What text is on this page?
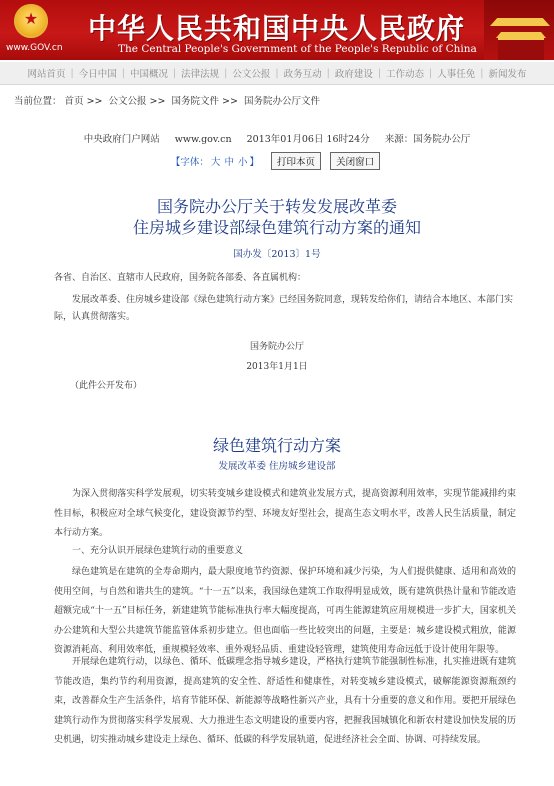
★
www.GOV.cn
中华人民共和国中央人民政府
The Central People's Government of the People's Republic of China
网站首页 | 今日中国 | 中国概况 | 法律法规 | 公文公报 | 政务互动 | 政府建设 | 工作动态 | 人事任免 | 新闻发布
当前位置： 首页 >> 公文公报 >> 国务院文件 >> 国务院办公厅文件
中央政府门户网站 www.gov.cn 2013年01月06日 16时24分 来源：国务院办公厅
【字体： 大 中 小 】 打印本页 关闭窗口
国务院办公厅关于转发发展改革委
住房城乡建设部绿色建筑行动方案的通知
国办发〔2013〕1号
各省、自治区、直辖市人民政府，国务院各部委、各直属机构：
发展改革委、住房城乡建设部《绿色建筑行动方案》已经国务院同意，现转发给你们，请结合本地区、本部门实际，认真贯彻落实。
国务院办公厅
2013年1月1日
（此件公开发布）
绿色建筑行动方案
发展改革委 住房城乡建设部
为深入贯彻落实科学发展观，切实转变城乡建设模式和建筑业发展方式，提高资源利用效率，实现节能减排约束性目标，积极应对全球气候变化，建设资源节约型、环境友好型社会，提高生态文明水平，改善人民生活质量，制定本行动方案。
一、充分认识开展绿色建筑行动的重要意义
绿色建筑是在建筑的全寿命期内，最大限度地节约资源、保护环境和减少污染，为人们提供健康、适用和高效的使用空间，与自然和谐共生的建筑。“十一五”以来，我国绿色建筑工作取得明显成效，既有建筑供热计量和节能改造超额完成“十一五”目标任务，新建建筑节能标准执行率大幅度提高，可再生能源建筑应用规模进一步扩大，国家机关办公建筑和大型公共建筑节能监管体系初步建立。但也面临一些比较突出的问题，主要是：城乡建设模式粗放，能源资源消耗高、利用效率低，重规模轻效率、重外观轻品质、重建设轻管理，建筑使用寿命远低于设计使用年限等。
开展绿色建筑行动，以绿色、循环、低碳理念指导城乡建设，严格执行建筑节能强制性标准，扎实推进既有建筑节能改造，集约节约利用资源，提高建筑的安全性、舒适性和健康性，对转变城乡建设模式，破解能源资源瓶颈约束，改善群众生产生活条件，培育节能环保、新能源等战略性新兴产业，具有十分重要的意义和作用。要把开展绿色建筑行动作为贯彻落实科学发展观、大力推进生态文明建设的重要内容，把握我国城镇化和新农村建设加快发展的历史机遇，切实推动城乡建设走上绿色、循环、低碳的科学发展轨道，促进经济社会全面、协调、可持续发展。
